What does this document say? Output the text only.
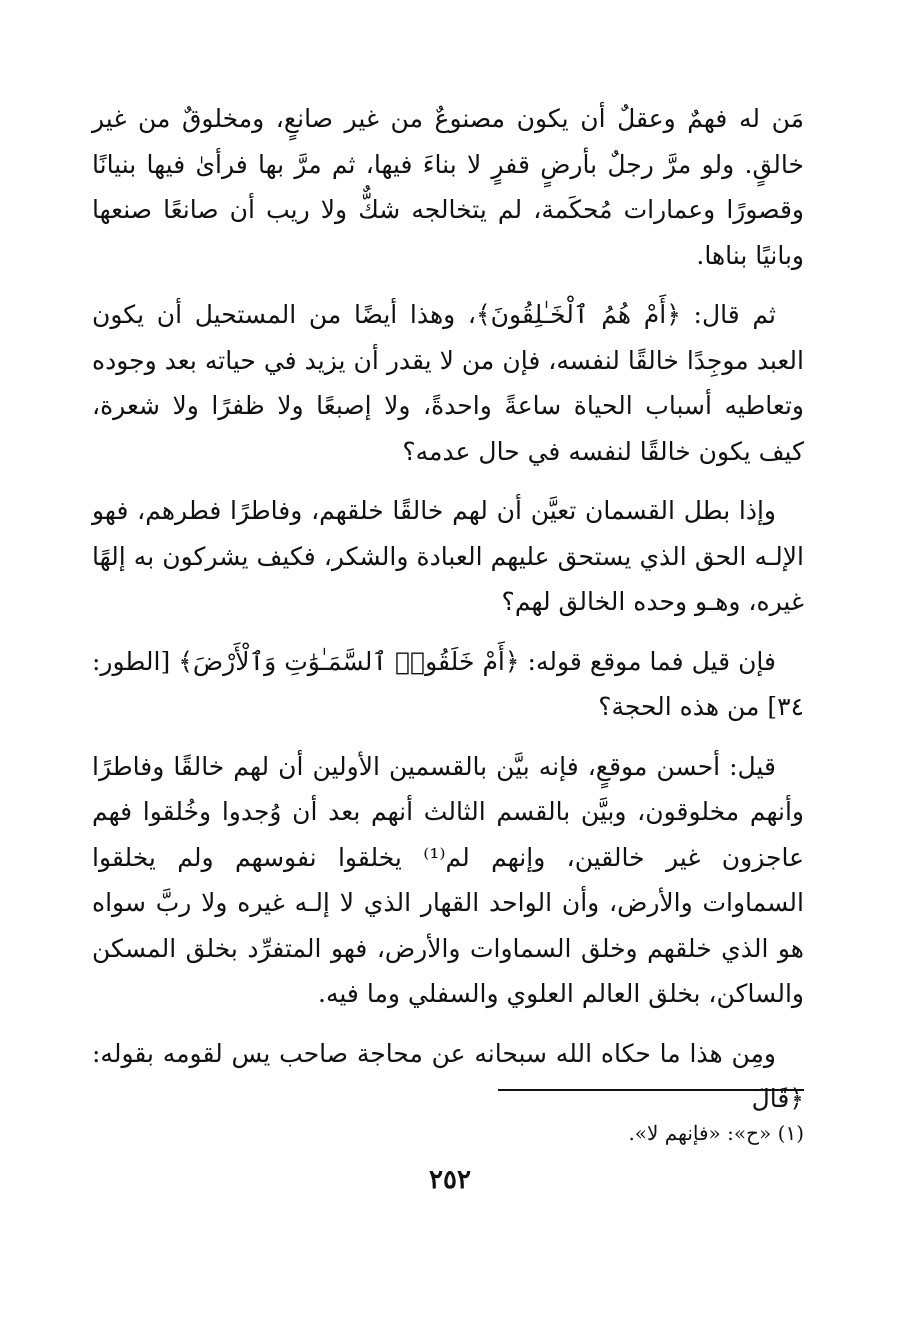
مَن له فهمٌ وعقلٌ أن يكون مصنوعٌ من غير صانعٍ، ومخلوقٌ من غير خالقٍ. ولو مرَّ رجلٌ بأرضٍ قفرٍ لا بناءَ فيها، ثم مرَّ بها فرأىٰ فيها بنيانًا وقصورًا وعمارات مُحكَمة، لم يتخالجه شكٌّ ولا ريب أن صانعًا صنعها وبانيًا بناها.

ثم قال: ﴿أَمْ هُمُ ٱلْخَـٰلِقُونَ﴾، وهذا أيضًا من المستحيل أن يكون العبد موجِدًا خالقًا لنفسه، فإن من لا يقدر أن يزيد في حياته بعد وجوده وتعاطيه أسباب الحياة ساعةً واحدةً، ولا إصبعًا ولا ظفرًا ولا شعرة، كيف يكون خالقًا لنفسه في حال عدمه؟

وإذا بطل القسمان تعيَّن أن لهم خالقًا خلقهم، وفاطرًا فطرهم، فهو الإلـه الحق الذي يستحق عليهم العبادة والشكر، فكيف يشركون به إلهًا غيره، وهـو وحده الخالق لهم؟

فإن قيل فما موقع قوله: ﴿أَمْ خَلَقُوا۟ ٱلسَّمَـٰوَٰتِ وَٱلْأَرْضَ﴾ [الطور: ٣٤] من هذه الحجة؟

قيل: أحسن موقعٍ، فإنه بيَّن بالقسمين الأولين أن لهم خالقًا وفاطرًا وأنهم مخلوقون، وبيَّن بالقسم الثالث أنهم بعد أن وُجدوا وخُلقوا فهم عاجزون غير خالقين، وإنهم لم⁽¹⁾ يخلقوا نفوسهم ولم يخلقوا السماوات والأرض، وأن الواحد القهار الذي لا إلـه غيره ولا ربَّ سواه هو الذي خلقهم وخلق السماوات والأرض، فهو المتفرِّد بخلق المسكن والساكن، بخلق العالم العلوي والسفلي وما فيه.

ومِن هذا ما حكاه الله سبحانه عن محاجة صاحب يس لقومه بقوله: ﴿قَالَ

(١) «ح»: «فإنهم لا».
٢٥٢
